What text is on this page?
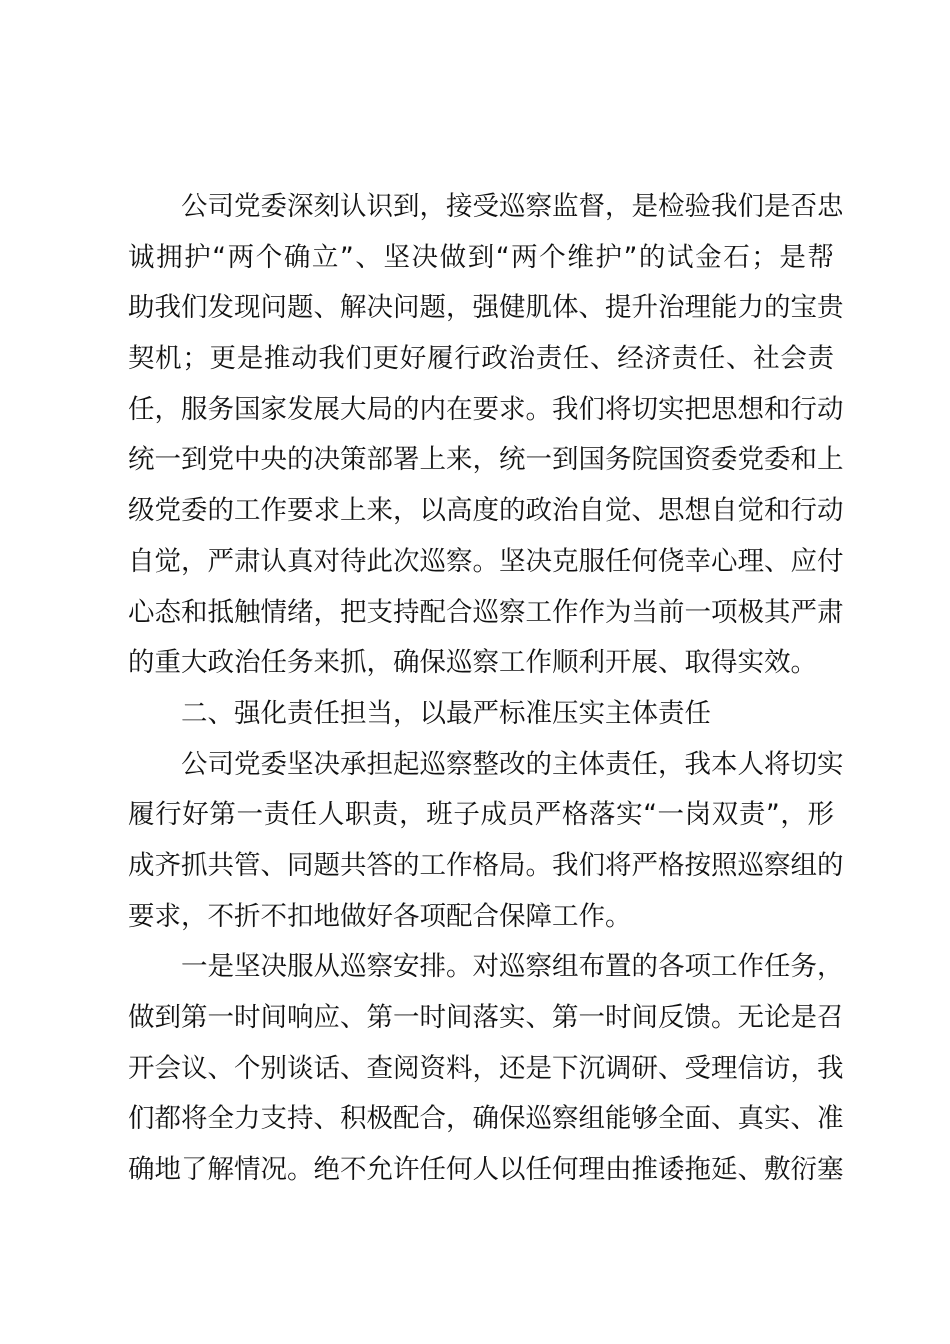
公司党委深刻认识到，接受巡察监督，是检验我们是否忠
诚拥护“两个确立”、坚决做到“两个维护”的试金石；是帮
助我们发现问题、解决问题，强健肌体、提升治理能力的宝贵
契机；更是推动我们更好履行政治责任、经济责任、社会责
任，服务国家发展大局的内在要求。我们将切实把思想和行动
统一到党中央的决策部署上来，统一到国务院国资委党委和上
级党委的工作要求上来，以高度的政治自觉、思想自觉和行动
自觉，严肃认真对待此次巡察。坚决克服任何侥幸心理、应付
心态和抵触情绪，把支持配合巡察工作作为当前一项极其严肃
的重大政治任务来抓，确保巡察工作顺利开展、取得实效。
二、强化责任担当，以最严标准压实主体责任
公司党委坚决承担起巡察整改的主体责任，我本人将切实
履行好第一责任人职责，班子成员严格落实“一岗双责”，形
成齐抓共管、同题共答的工作格局。我们将严格按照巡察组的
要求，不折不扣地做好各项配合保障工作。
一是坚决服从巡察安排。对巡察组布置的各项工作任务，
做到第一时间响应、第一时间落实、第一时间反馈。无论是召
开会议、个别谈话、查阅资料，还是下沉调研、受理信访，我
们都将全力支持、积极配合，确保巡察组能够全面、真实、准
确地了解情况。绝不允许任何人以任何理由推诿拖延、敷衍塞
